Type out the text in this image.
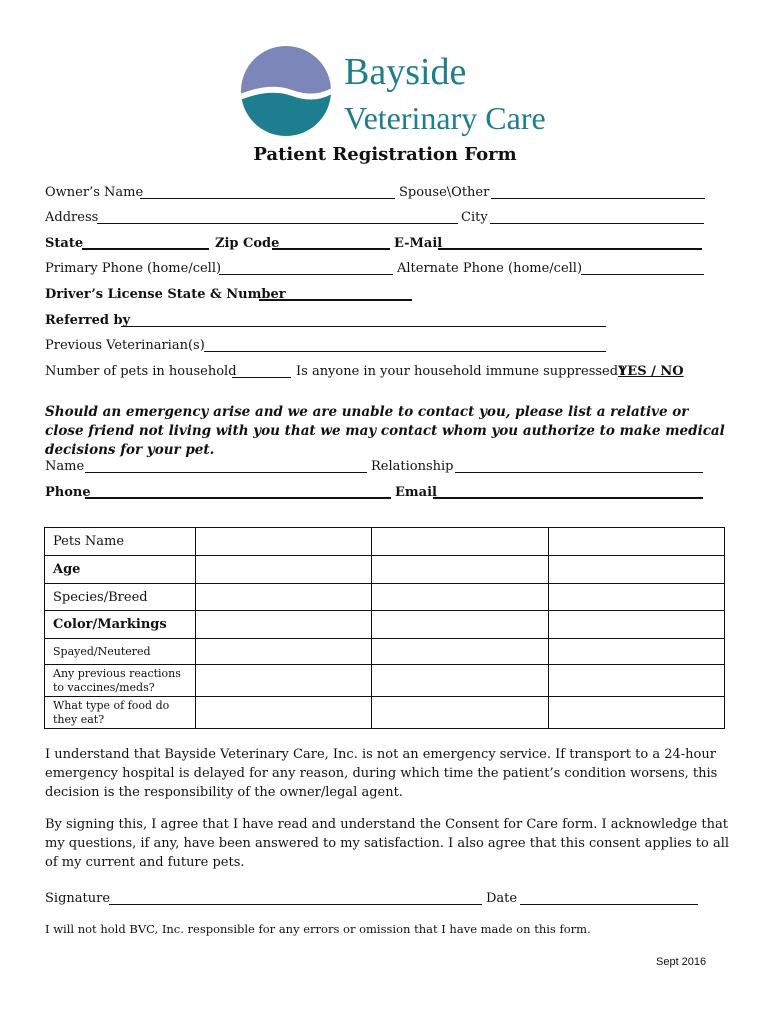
Bayside
Veterinary Care
Patient Registration Form
Owner’s Name	Spouse\Other
Address	City
State	Zip Code	E-Mail
Primary Phone (home/cell)	Alternate Phone (home/cell)
Driver’s License State & Number
Referred by
Previous Veterinarian(s)
Number of pets in household	Is anyone in your household immune suppressed?
YES / NO
Should an emergency arise and we are unable to contact you, please list a relative or close friend not living with you that we may contact whom you authorize to make medical decisions for your pet.
Name	Relationship
Phone	Email
Pets Name			
Age			
Species/Breed			
Color/Markings			
Spayed/Neutered			
Any previous reactions to vaccines/meds?			
What type of food do they eat?			
I understand that Bayside Veterinary Care, Inc. is not an emergency service. If transport to a 24-hour emergency hospital is delayed for any reason, during which time the patient’s condition worsens, this decision is the responsibility of the owner/legal agent.
By signing this, I agree that I have read and understand the Consent for Care form. I acknowledge that my questions, if any, have been answered to my satisfaction. I also agree that this consent applies to all of my current and future pets.
Signature	Date
I will not hold BVC, Inc. responsible for any errors or omission that I have made on this form.
Sept 2016
